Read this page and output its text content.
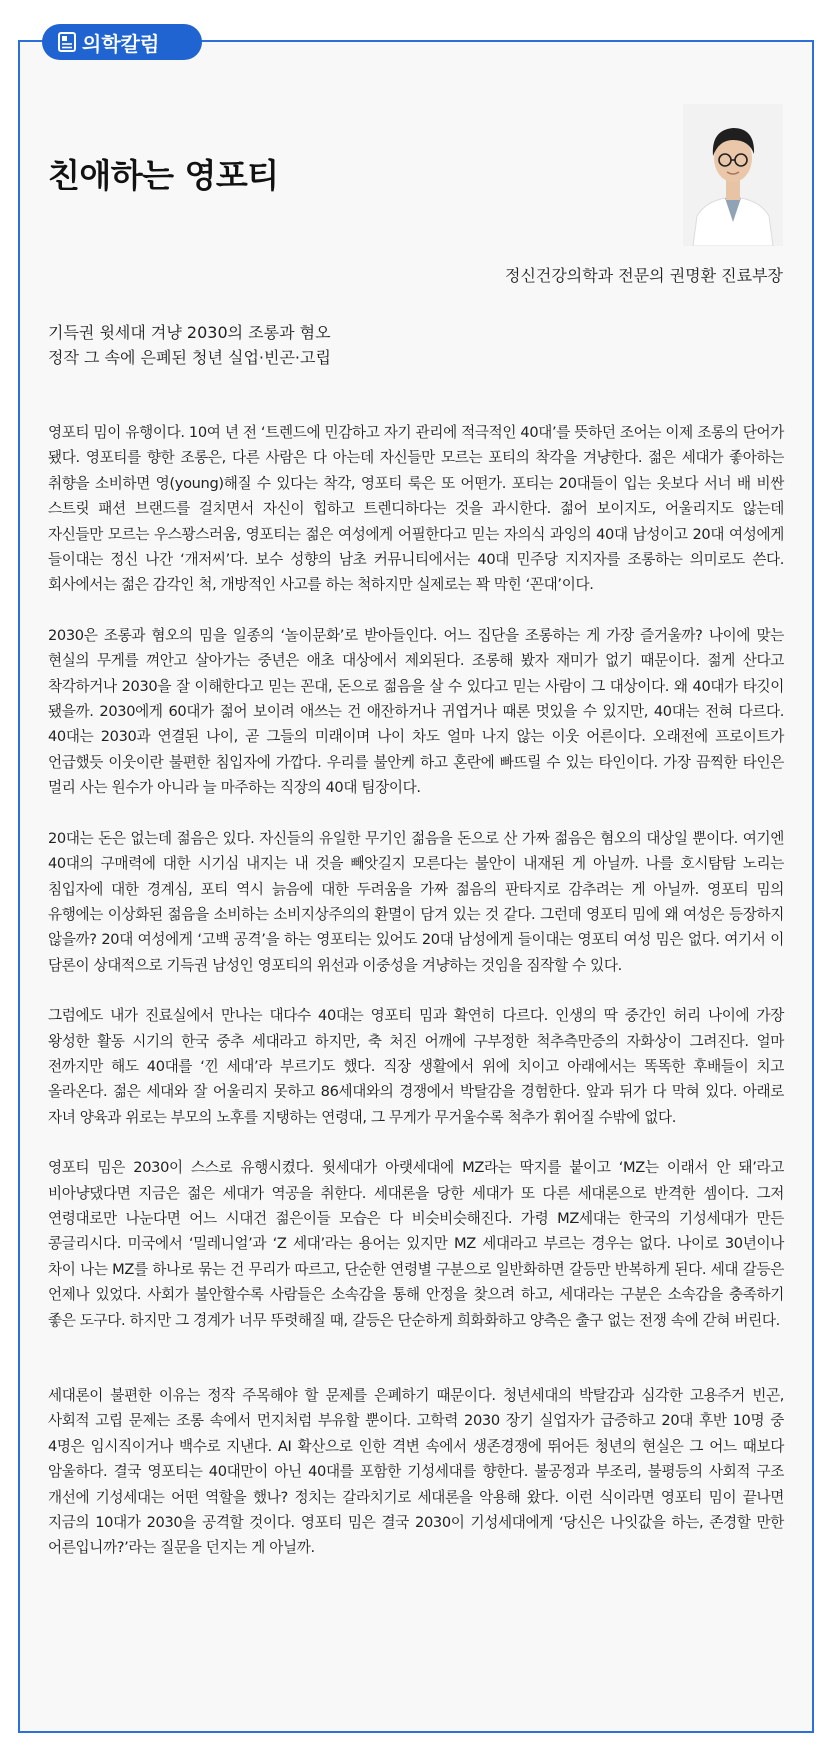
의학칼럼
친애하는 영포티
정신건강의학과 전문의 권명환 진료부장
기득권 윗세대 겨냥 2030의 조롱과 혐오
정작 그 속에 은폐된 청년 실업·빈곤·고립

영포티 밈이 유행이다. 10여 년 전 ‘트렌드에 민감하고 자기 관리에 적극적인 40대’를 뜻하던 조어는 이제 조롱의 단어가 됐다. 영포티를 향한 조롱은, 다른 사람은 다 아는데 자신들만 모르는 포티의 착각을 겨냥한다. 젊은 세대가 좋아하는 취향을 소비하면 영(young)해질 수 있다는 착각, 영포티 룩은 또 어떤가. 포티는 20대들이 입는 옷보다 서너 배 비싼 스트릿 패션 브랜드를 걸치면서 자신이 힙하고 트렌디하다는 것을 과시한다. 젊어 보이지도, 어울리지도 않는데 자신들만 모르는 우스꽝스러움, 영포티는 젊은 여성에게 어필한다고 믿는 자의식 과잉의 40대 남성이고 20대 여성에게 들이대는 정신 나간 ‘개저씨’다. 보수 성향의 남초 커뮤니티에서는 40대 민주당 지지자를 조롱하는 의미로도 쓴다. 회사에서는 젊은 감각인 척, 개방적인 사고를 하는 척하지만 실제로는 꽉 막힌 ‘꼰대’이다.

2030은 조롱과 혐오의 밈을 일종의 ‘놀이문화’로 받아들인다. 어느 집단을 조롱하는 게 가장 즐거울까? 나이에 맞는 현실의 무게를 껴안고 살아가는 중년은 애초 대상에서 제외된다. 조롱해 봤자 재미가 없기 때문이다. 젊게 산다고 착각하거나 2030을 잘 이해한다고 믿는 꼰대, 돈으로 젊음을 살 수 있다고 믿는 사람이 그 대상이다. 왜 40대가 타깃이 됐을까. 2030에게 60대가 젊어 보이려 애쓰는 건 애잔하거나 귀엽거나 때론 멋있을 수 있지만, 40대는 전혀 다르다. 40대는 2030과 연결된 나이, 곧 그들의 미래이며 나이 차도 얼마 나지 않는 이웃 어른이다. 오래전에 프로이트가 언급했듯 이웃이란 불편한 침입자에 가깝다. 우리를 불안케 하고 혼란에 빠뜨릴 수 있는 타인이다. 가장 끔찍한 타인은 멀리 사는 원수가 아니라 늘 마주하는 직장의 40대 팀장이다.

20대는 돈은 없는데 젊음은 있다. 자신들의 유일한 무기인 젊음을 돈으로 산 가짜 젊음은 혐오의 대상일 뿐이다. 여기엔 40대의 구매력에 대한 시기심 내지는 내 것을 빼앗길지 모른다는 불안이 내재된 게 아닐까. 나를 호시탐탐 노리는 침입자에 대한 경계심, 포티 역시 늙음에 대한 두려움을 가짜 젊음의 판타지로 감추려는 게 아닐까. 영포티 밈의 유행에는 이상화된 젊음을 소비하는 소비지상주의의 환멸이 담겨 있는 것 같다. 그런데 영포티 밈에 왜 여성은 등장하지 않을까? 20대 여성에게 ‘고백 공격’을 하는 영포티는 있어도 20대 남성에게 들이대는 영포티 여성 밈은 없다. 여기서 이 담론이 상대적으로 기득권 남성인 영포티의 위선과 이중성을 겨냥하는 것임을 짐작할 수 있다.

그럼에도 내가 진료실에서 만나는 대다수 40대는 영포티 밈과 확연히 다르다. 인생의 딱 중간인 허리 나이에 가장 왕성한 활동 시기의 한국 중추 세대라고 하지만, 축 처진 어깨에 구부정한 척추측만증의 자화상이 그려진다. 얼마 전까지만 해도 40대를 ‘낀 세대’라 부르기도 했다. 직장 생활에서 위에 치이고 아래에서는 똑똑한 후배들이 치고 올라온다. 젊은 세대와 잘 어울리지 못하고 86세대와의 경쟁에서 박탈감을 경험한다. 앞과 뒤가 다 막혀 있다. 아래로 자녀 양육과 위로는 부모의 노후를 지탱하는 연령대, 그 무게가 무거울수록 척추가 휘어질 수밖에 없다.

영포티 밈은 2030이 스스로 유행시켰다. 윗세대가 아랫세대에 MZ라는 딱지를 붙이고 ‘MZ는 이래서 안 돼’라고 비아냥댔다면 지금은 젊은 세대가 역공을 취한다. 세대론을 당한 세대가 또 다른 세대론으로 반격한 셈이다. 그저 연령대로만 나눈다면 어느 시대건 젊은이들 모습은 다 비슷비슷해진다. 가령 MZ세대는 한국의 기성세대가 만든 콩글리시다. 미국에서 ‘밀레니얼’과 ‘Z 세대’라는 용어는 있지만 MZ 세대라고 부르는 경우는 없다. 나이로 30년이나 차이 나는 MZ를 하나로 묶는 건 무리가 따르고, 단순한 연령별 구분으로 일반화하면 갈등만 반복하게 된다. 세대 갈등은 언제나 있었다. 사회가 불안할수록 사람들은 소속감을 통해 안정을 찾으려 하고, 세대라는 구분은 소속감을 충족하기 좋은 도구다. 하지만 그 경계가 너무 뚜렷해질 때, 갈등은 단순하게 희화화하고 양측은 출구 없는 전쟁 속에 갇혀 버린다.

세대론이 불편한 이유는 정작 주목해야 할 문제를 은폐하기 때문이다. 청년세대의 박탈감과 심각한 고용주거 빈곤, 사회적 고립 문제는 조롱 속에서 먼지처럼 부유할 뿐이다. 고학력 2030 장기 실업자가 급증하고 20대 후반 10명 중 4명은 임시직이거나 백수로 지낸다. AI 확산으로 인한 격변 속에서 생존경쟁에 뛰어든 청년의 현실은 그 어느 때보다 암울하다. 결국 영포티는 40대만이 아닌 40대를 포함한 기성세대를 향한다. 불공정과 부조리, 불평등의 사회적 구조 개선에 기성세대는 어떤 역할을 했나? 정치는 갈라치기로 세대론을 악용해 왔다. 이런 식이라면 영포티 밈이 끝나면 지금의 10대가 2030을 공격할 것이다. 영포티 밈은 결국 2030이 기성세대에게 ‘당신은 나잇값을 하는, 존경할 만한 어른입니까?’라는 질문을 던지는 게 아닐까.
